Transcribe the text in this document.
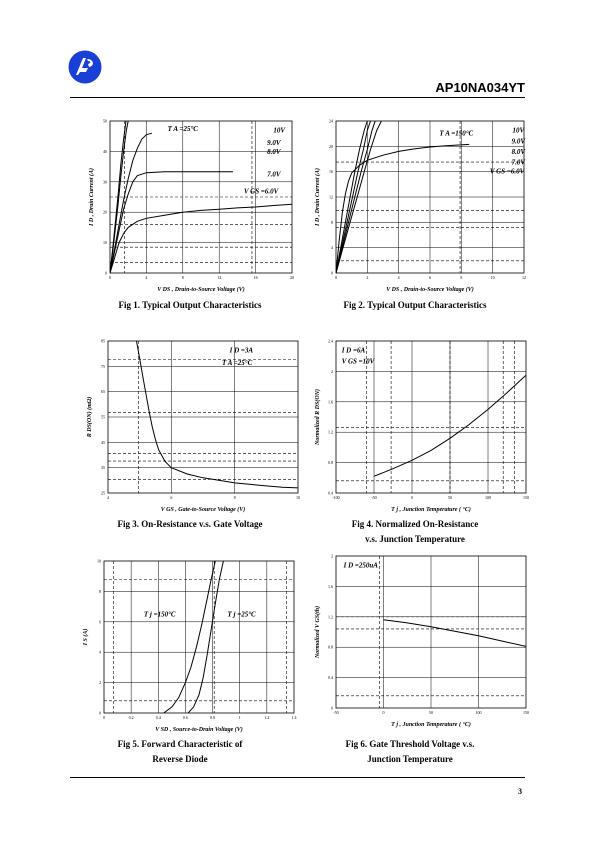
AP10NA034YT
0	4	8	12	16	20
0
10
20
30
40
50
V DS , Drain-to-Source Voltage (V)
I D , Drain Current (A)
T A =25°C	10V
9.0V
8.0V
7.0V
V GS =6.0V
0	2	4	6	8	10	12
0
4
8
12
16
20
24
V DS , Drain-to-Source Voltage (V)
I D , Drain Current (A)
T A =150°C	10V
9.0V
8.0V
7.0V
V GS =6.0V
4	6	8	10
25
35
45
55
65
75
85
V GS , Gate-to-Source Voltage (V)
R DS(ON) (mΩ)
I D =3A
T A =25°C
-100	-50	0	50	100	150
0.4
0.8
1.2
1.6
2
2.4
T j , Junction Temperature ( °C)
Normalized R DS(ON)
I D =6A
V GS =10V
0	0.2	0.4	0.6	0.8	1	1.2	1.4
0
2
4
6
8
10
V SD , Source-to-Drain Voltage (V)
I S (A)
T j =150°C	T j =25°C
-50	0	50	100	150
0
0.4
0.8
1.2
1.6
2
T j , Junction Temperature ( °C)
Normalized V GS(th)
I D =250uA
Fig 1. Typical Output Characteristics	Fig 2. Typical Output Characteristics
Fig 3. On-Resistance v.s. Gate Voltage	Fig 4. Normalized On-Resistance
v.s. Junction Temperature
Fig 5. Forward Characteristic of
Reverse Diode
Fig 6. Gate Threshold Voltage v.s.
Junction Temperature
3
